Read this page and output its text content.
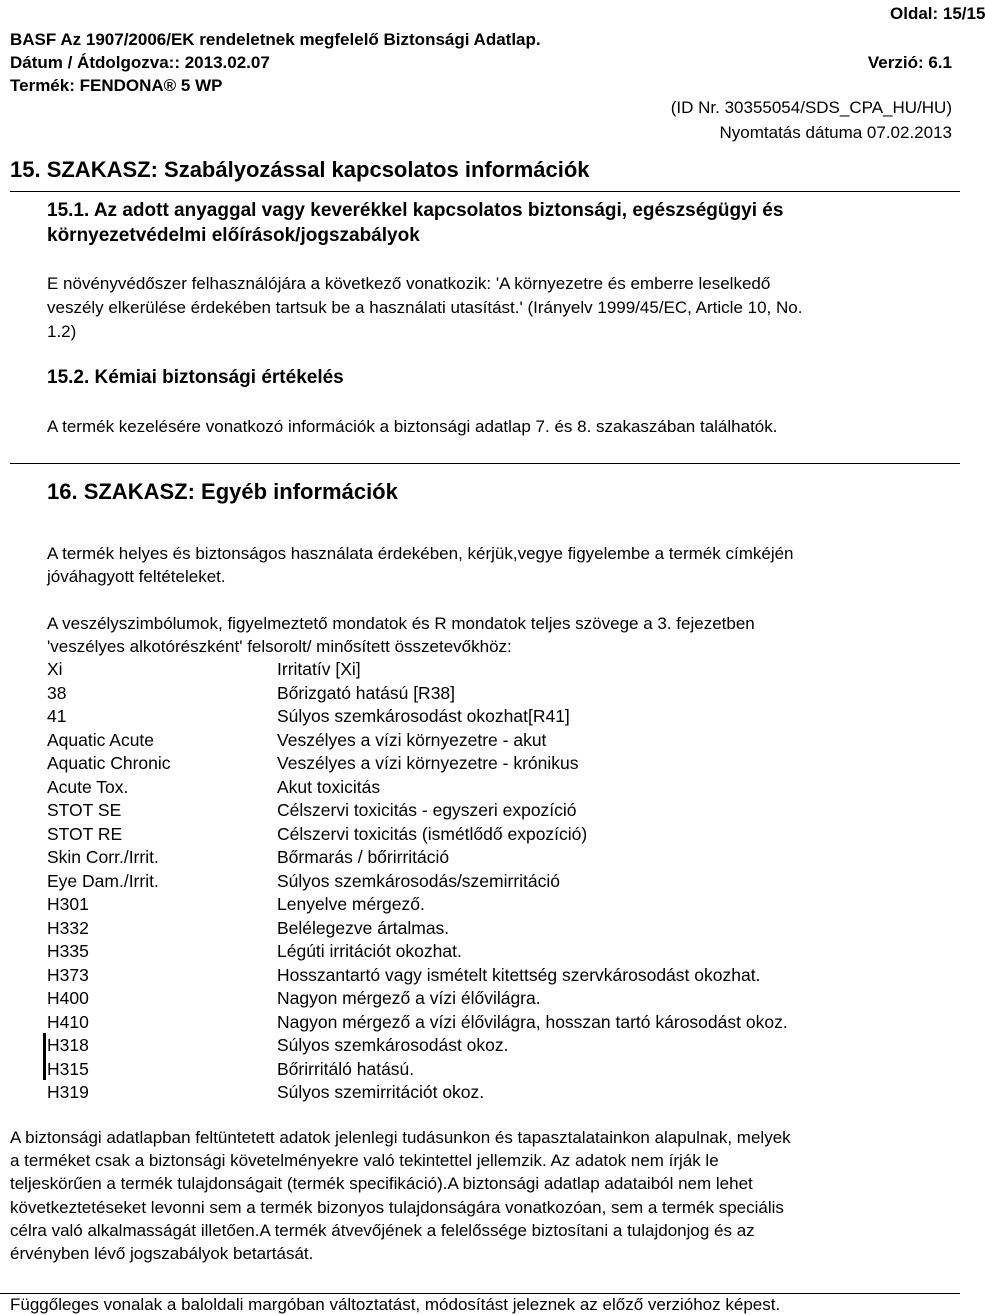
Oldal: 15/15
BASF Az 1907/2006/EK rendeletnek megfelelő Biztonsági Adatlap.
Dátum / Átdolgozva:: 2013.02.07	Verzió: 6.1
Termék: FENDONA® 5 WP
(ID Nr. 30355054/SDS_CPA_HU/HU)
Nyomtatás dátuma 07.02.2013
15. SZAKASZ: Szabályozással kapcsolatos információk
15.1. Az adott anyaggal vagy keverékkel kapcsolatos biztonsági, egészségügyi és
környezetvédelmi előírások/jogszabályok
E növényvédőszer felhasználójára a következő vonatkozik: 'A környezetre és emberre leselkedő
veszély elkerülése érdekében tartsuk be a használati utasítást.' (Irányelv 1999/45/EC, Article 10, No.
1.2)
15.2. Kémiai biztonsági értékelés
A termék kezelésére vonatkozó információk a biztonsági adatlap 7. és 8. szakaszában találhatók.
16. SZAKASZ: Egyéb információk
A termék helyes és biztonságos használata érdekében, kérjük,vegye figyelembe a termék címkéjén
jóváhagyott feltételeket.
A veszélyszimbólumok, figyelmeztető mondatok és R mondatok teljes szövege a 3. fejezetben
'veszélyes alkotórészként' felsorolt/ minősített összetevőkhöz:
Xi	Irritatív [Xi]
38	Bőrizgató hatású [R38]
41	Súlyos szemkárosodást okozhat[R41]
Aquatic Acute	Veszélyes a vízi környezetre - akut
Aquatic Chronic	Veszélyes a vízi környezetre - krónikus
Acute Tox.	Akut toxicitás
STOT SE	Célszervi toxicitás - egyszeri expozíció
STOT RE	Célszervi toxicitás (ismétlődő expozíció)
Skin Corr./Irrit.	Bőrmarás / bőrirritáció
Eye Dam./Irrit.	Súlyos szemkárosodás/szemirritáció
H301	Lenyelve mérgező.
H332	Belélegezve ártalmas.
H335	Légúti irritációt okozhat.
H373	Hosszantartó vagy ismételt kitettség szervkárosodást okozhat.
H400	Nagyon mérgező a vízi élővilágra.
H410	Nagyon mérgező a vízi élővilágra, hosszan tartó károsodást okoz.
H318	Súlyos szemkárosodást okoz.
H315	Bőrirritáló hatású.
H319	Súlyos szemirritációt okoz.
A biztonsági adatlapban feltüntetett adatok jelenlegi tudásunkon és tapasztalatainkon alapulnak, melyek
a terméket csak a biztonsági követelményekre való tekintettel jellemzik. Az adatok nem írják le
teljeskörűen a termék tulajdonságait (termék specifikáció).A biztonsági adatlap adataiból nem lehet
következtetéseket levonni sem a termék bizonyos tulajdonságára vonatkozóan, sem a termék speciális
célra való alkalmasságát illetően.A termék átvevőjének a felelőssége biztosítani a tulajdonjog és az
érvényben lévő jogszabályok betartását.
Függőleges vonalak a baloldali margóban változtatást, módosítást jeleznek az előző verzióhoz képest.
